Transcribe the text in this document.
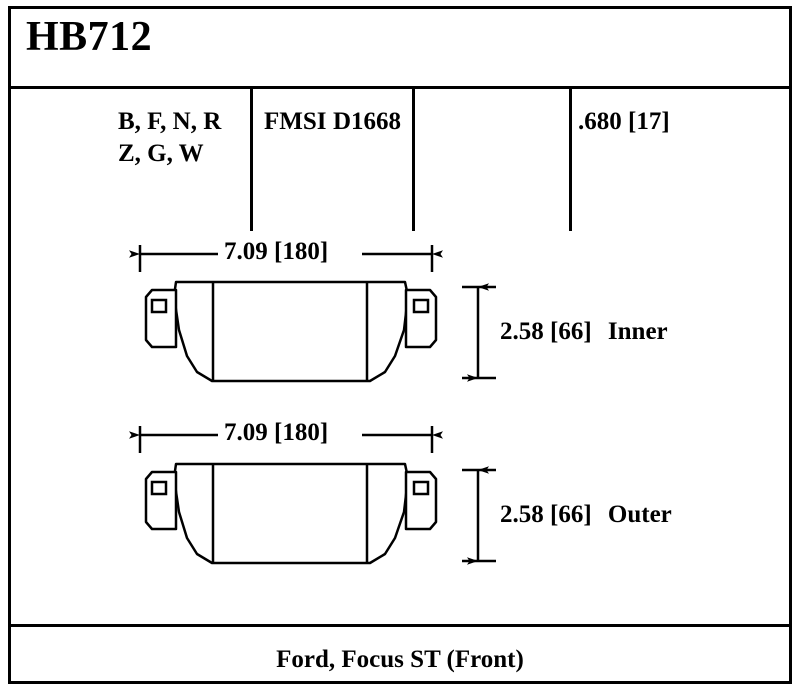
HB712
B, F, N, R
Z, G, W
FMSI D1668	.680 [17]
7.09 [180]
7.09 [180]
2.58 [66] Inner
2.58 [66] Outer
Ford, Focus ST (Front)
